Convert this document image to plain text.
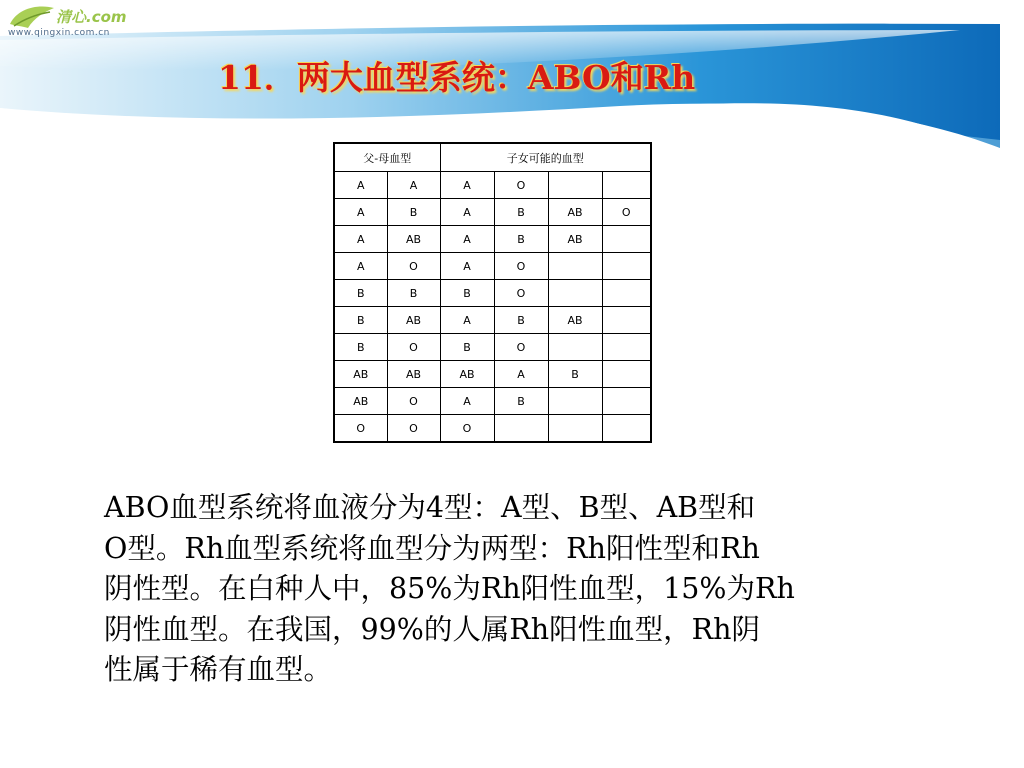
清心.com
www.qingxin.com.cn
11．两大血型系统：ABO和Rh
父-母血型		子女可能的血型			
A	A	A	O		
A	B	A	B	AB	O
A	AB	A	B	AB	
A	O	A	O		
B	B	B	O		
B	AB	A	B	AB	
B	O	B	O		
AB	AB	AB	A	B	
AB	O	A	B		
O	O	O			

ABO血型系统将血液分为4型：A型、B型、AB型和

O型。Rh血型系统将血型分为两型：Rh阳性型和Rh

阴性型。在白种人中，85%为Rh阳性血型，15%为Rh

阴性血型。在我国，99%的人属Rh阳性血型，Rh阴

性属于稀有血型。
